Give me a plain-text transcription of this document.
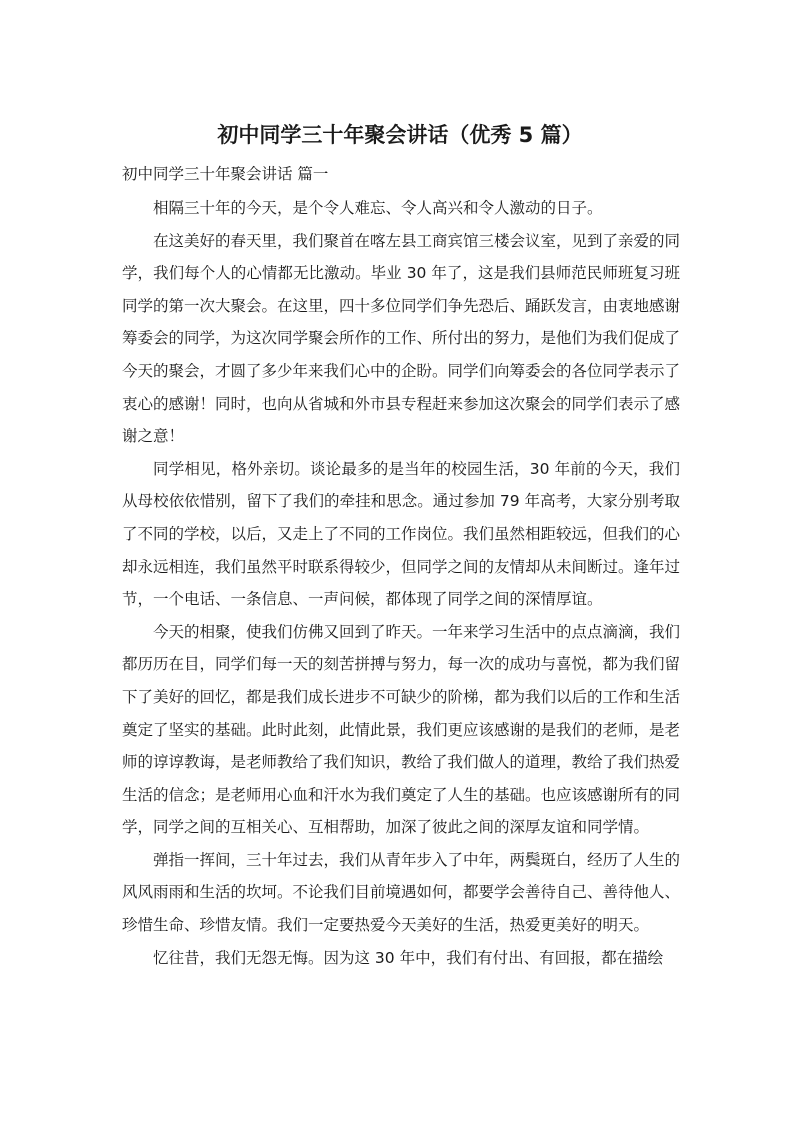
初中同学三十年聚会讲话（优秀 5 篇）
初中同学三十年聚会讲话 篇一

相隔三十年的今天，是个令人难忘、令人高兴和令人激动的日子。

在这美好的春天里，我们聚首在喀左县工商宾馆三楼会议室，见到了亲爱的同学，我们每个人的心情都无比激动。毕业 30 年了，这是我们县师范民师班复习班同学的第一次大聚会。在这里，四十多位同学们争先恐后、踊跃发言，由衷地感谢筹委会的同学，为这次同学聚会所作的工作、所付出的努力，是他们为我们促成了今天的聚会，才圆了多少年来我们心中的企盼。同学们向筹委会的各位同学表示了衷心的感谢！同时，也向从省城和外市县专程赶来参加这次聚会的同学们表示了感谢之意！

同学相见，格外亲切。谈论最多的是当年的校园生活，30 年前的今天，我们从母校依依惜别，留下了我们的牵挂和思念。通过参加 79 年高考，大家分别考取了不同的学校，以后，又走上了不同的工作岗位。我们虽然相距较远，但我们的心却永远相连，我们虽然平时联系得较少，但同学之间的友情却从未间断过。逢年过节，一个电话、一条信息、一声问候，都体现了同学之间的深情厚谊。

今天的相聚，使我们仿佛又回到了昨天。一年来学习生活中的点点滴滴，我们都历历在目，同学们每一天的刻苦拼搏与努力，每一次的成功与喜悦，都为我们留下了美好的回忆，都是我们成长进步不可缺少的阶梯，都为我们以后的工作和生活奠定了坚实的基础。此时此刻，此情此景，我们更应该感谢的是我们的老师，是老师的谆谆教诲，是老师教给了我们知识，教给了我们做人的道理，教给了我们热爱生活的信念；是老师用心血和汗水为我们奠定了人生的基础。也应该感谢所有的同学，同学之间的互相关心、互相帮助，加深了彼此之间的深厚友谊和同学情。

弹指一挥间，三十年过去，我们从青年步入了中年，两鬓斑白，经历了人生的风风雨雨和生活的坎坷。不论我们目前境遇如何，都要学会善待自己、善待他人、珍惜生命、珍惜友情。我们一定要热爱今天美好的生活，热爱更美好的明天。

忆往昔，我们无怨无悔。因为这 30 年中，我们有付出、有回报，都在描绘
